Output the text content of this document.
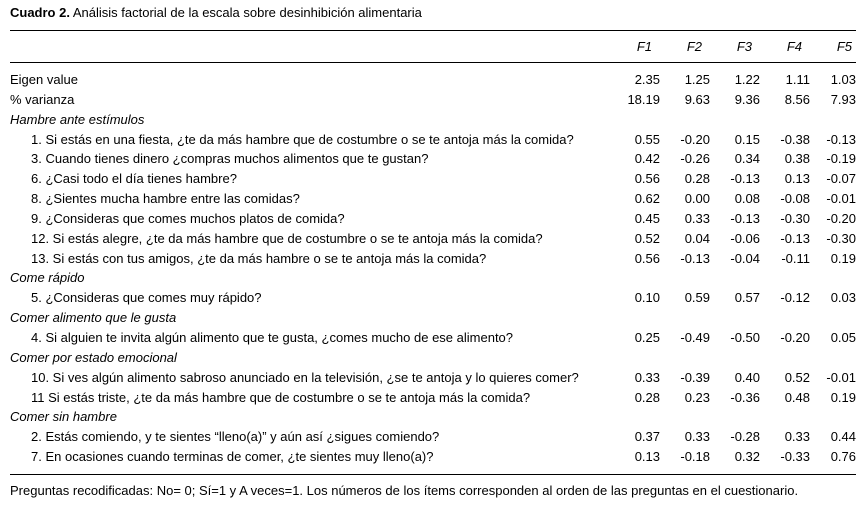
Cuadro 2. Análisis factorial de la escala sobre desinhibición alimentaria
F1	F2	F3	F4	F5
Eigen value	2.35	1.25	1.22	1.11	1.03
% varianza	18.19	9.63	9.36	8.56	7.93
Hambre ante estímulos					
1. Si estás en una fiesta, ¿te da más hambre que de costumbre o se te antoja más la comida?	0.55	-0.20	0.15	-0.38	-0.13
3. Cuando tienes dinero ¿compras muchos alimentos que te gustan?	0.42	-0.26	0.34	0.38	-0.19
6. ¿Casi todo el día tienes hambre?	0.56	0.28	-0.13	0.13	-0.07
8. ¿Sientes mucha hambre entre las comidas?	0.62	0.00	0.08	-0.08	-0.01
9. ¿Consideras que comes muchos platos de comida?	0.45	0.33	-0.13	-0.30	-0.20
12. Si estás alegre, ¿te da más hambre que de costumbre o se te antoja más la comida?	0.52	0.04	-0.06	-0.13	-0.30
13. Si estás con tus amigos, ¿te da más hambre o se te antoja más la comida?	0.56	-0.13	-0.04	-0.11	0.19
Come rápido					
5. ¿Consideras que comes muy rápido?	0.10	0.59	0.57	-0.12	0.03
Comer alimento que le gusta					
4. Si alguien te invita algún alimento que te gusta, ¿comes mucho de ese alimento?	0.25	-0.49	-0.50	-0.20	0.05
Comer por estado emocional					
10. Si ves algún alimento sabroso anunciado en la televisión, ¿se te antoja y lo quieres comer?	0.33	-0.39	0.40	0.52	-0.01
11 Si estás triste, ¿te da más hambre que de costumbre o se te antoja más la comida?	0.28	0.23	-0.36	0.48	0.19
Comer sin hambre					
2. Estás comiendo, y te sientes “lleno(a)” y aún así ¿sigues comiendo?	0.37	0.33	-0.28	0.33	0.44
7. En ocasiones cuando terminas de comer, ¿te sientes muy lleno(a)?	0.13	-0.18	0.32	-0.33	0.76
Preguntas recodificadas: No= 0; Sí=1 y A veces=1. Los números de los ítems corresponden al orden de las preguntas en el cuestionario.
